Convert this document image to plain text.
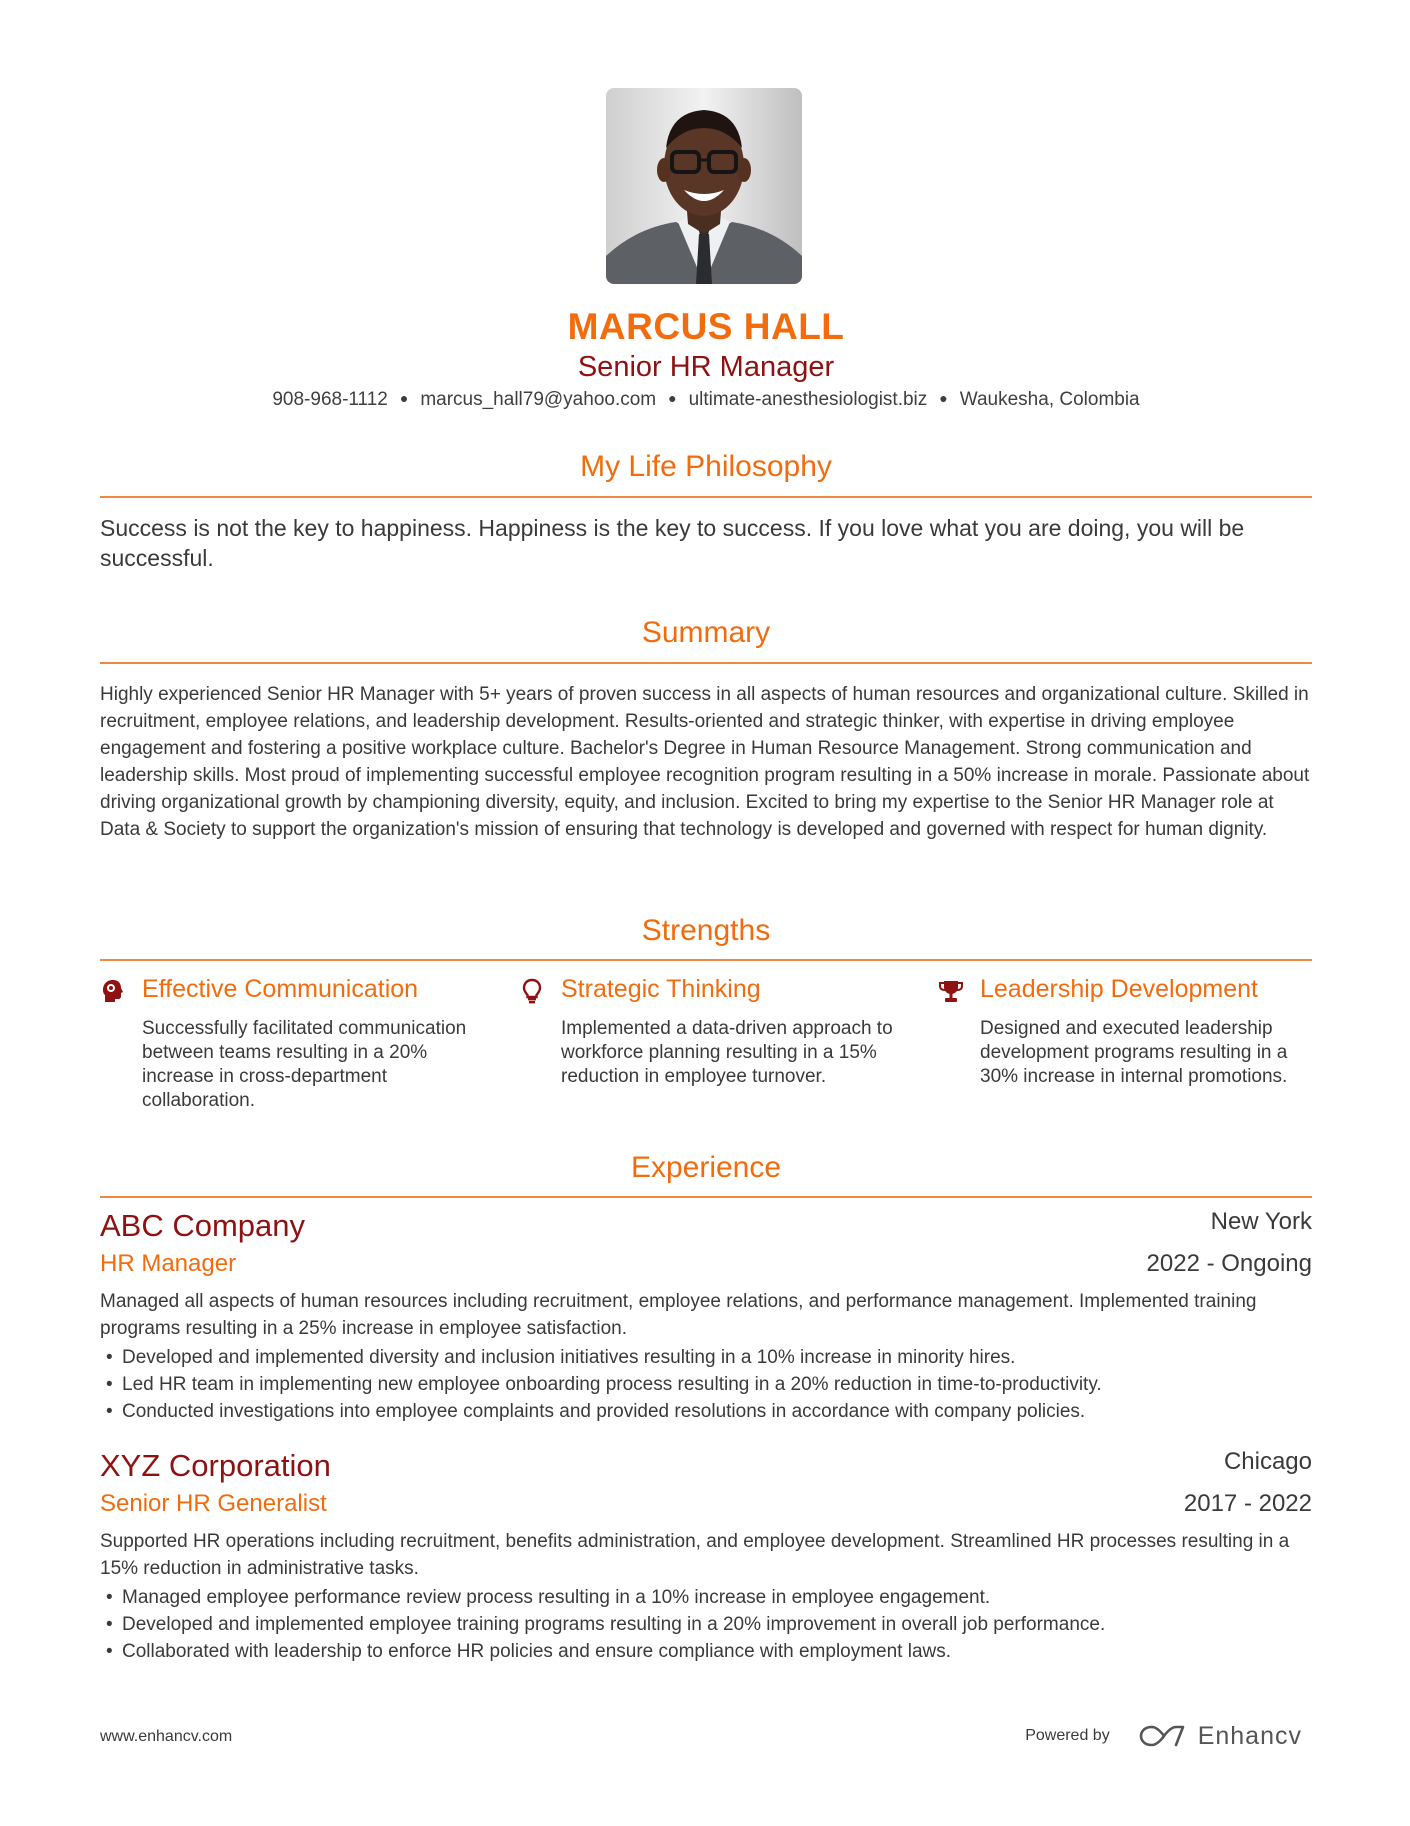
MARCUS HALL
Senior HR Manager
908-968-1112 ● marcus_hall79@yahoo.com ● ultimate-anesthesiologist.biz ● Waukesha, Colombia
My Life Philosophy
Success is not the key to happiness. Happiness is the key to success. If you love what you are doing, you will be successful.
Summary
Highly experienced Senior HR Manager with 5+ years of proven success in all aspects of human resources and organizational culture. Skilled in recruitment, employee relations, and leadership development. Results-oriented and strategic thinker, with expertise in driving employee engagement and fostering a positive workplace culture. Bachelor's Degree in Human Resource Management. Strong communication and leadership skills. Most proud of implementing successful employee recognition program resulting in a 50% increase in morale. Passionate about driving organizational growth by championing diversity, equity, and inclusion. Excited to bring my expertise to the Senior HR Manager role at Data & Society to support the organization's mission of ensuring that technology is developed and governed with respect for human dignity.
Strengths
Effective Communication
Successfully facilitated communication between teams resulting in a 20% increase in cross-department collaboration.
Strategic Thinking
Implemented a data-driven approach to workforce planning resulting in a 15% reduction in employee turnover.
Leadership Development
Designed and executed leadership development programs resulting in a 30% increase in internal promotions.
Experience
ABC Company	New York
HR Manager	2022 - Ongoing
Managed all aspects of human resources including recruitment, employee relations, and performance management. Implemented training programs resulting in a 25% increase in employee satisfaction.
• Developed and implemented diversity and inclusion initiatives resulting in a 10% increase in minority hires.
• Led HR team in implementing new employee onboarding process resulting in a 20% reduction in time-to-productivity.
• Conducted investigations into employee complaints and provided resolutions in accordance with company policies.
XYZ Corporation	Chicago
Senior HR Generalist	2017 - 2022
Supported HR operations including recruitment, benefits administration, and employee development. Streamlined HR processes resulting in a 15% reduction in administrative tasks.
• Managed employee performance review process resulting in a 10% increase in employee engagement.
• Developed and implemented employee training programs resulting in a 20% improvement in overall job performance.
• Collaborated with leadership to enforce HR policies and ensure compliance with employment laws.
www.enhancv.com	Powered by	Enhancv
